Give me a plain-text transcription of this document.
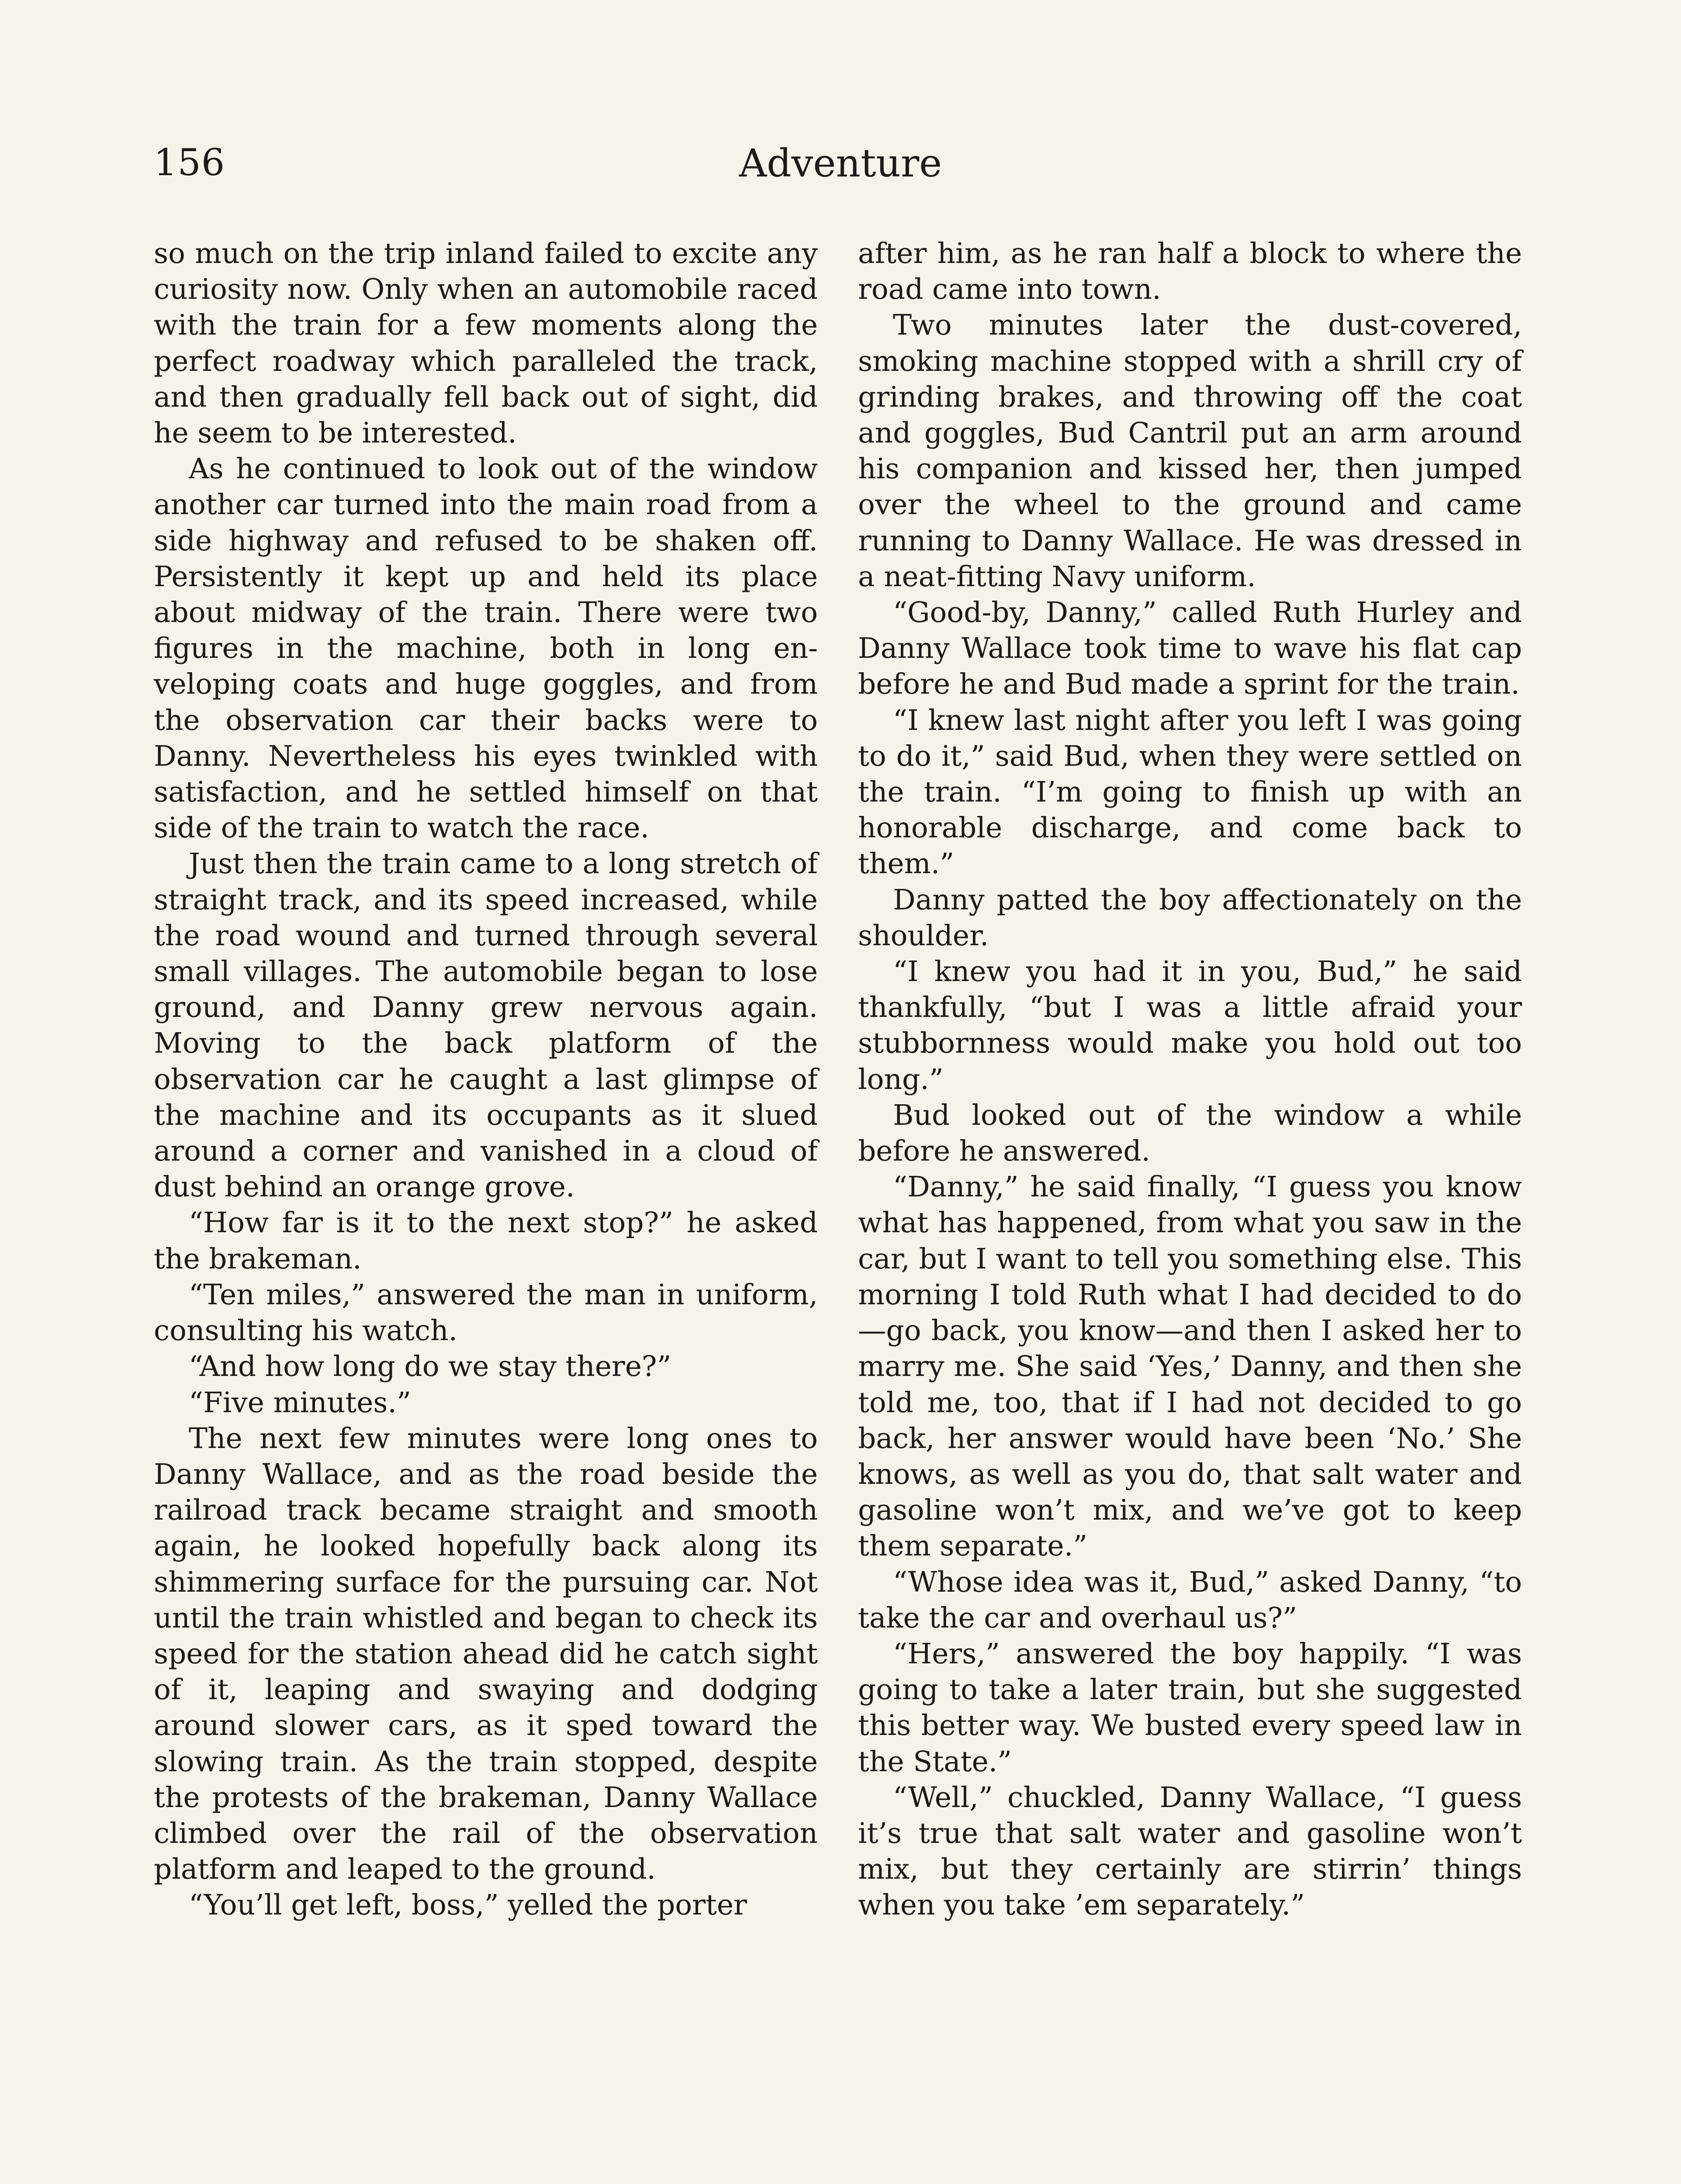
156	Adventure

so much on the trip inland failed to excite any curiosity now. Only when an automobile raced with the train for a few moments along the perfect roadway which paralleled the track, and then gradually fell back out of sight, did he seem to be interested.

As he continued to look out of the window another car turned into the main road from a side highway and refused to be shaken off. Persistently it kept up and held its place about midway of the train. There were two figures in the machine, both in long enveloping coats and huge goggles, and from the observation car their backs were to Danny. Nevertheless his eyes twinkled with satisfaction, and he settled himself on that side of the train to watch the race.

Just then the train came to a long stretch of straight track, and its speed increased, while the road wound and turned through several small villages. The automobile began to lose ground, and Danny grew nervous again. Moving to the back platform of the observation car he caught a last glimpse of the machine and its occupants as it slued around a corner and vanished in a cloud of dust behind an orange grove.

“How far is it to the next stop?” he asked the brakeman.

“Ten miles,” answered the man in uniform, consulting his watch.

“And how long do we stay there?”

“Five minutes.”

The next few minutes were long ones to Danny Wallace, and as the road beside the railroad track became straight and smooth again, he looked hopefully back along its shimmering surface for the pursuing car. Not until the train whistled and began to check its speed for the station ahead did he catch sight of it, leaping and swaying and dodging around slower cars, as it sped toward the slowing train. As the train stopped, despite the protests of the brakeman, Danny Wallace climbed over the rail of the observation platform and leaped to the ground.

“You’ll get left, boss,” yelled the porter

after him, as he ran half a block to where the road came into town.

Two minutes later the dust-covered, smoking machine stopped with a shrill cry of grinding brakes, and throwing off the coat and goggles, Bud Cantril put an arm around his companion and kissed her, then jumped over the wheel to the ground and came running to Danny Wallace. He was dressed in a neat-fitting Navy uniform.

“Good-by, Danny,” called Ruth Hurley and Danny Wallace took time to wave his flat cap before he and Bud made a sprint for the train.

“I knew last night after you left I was going to do it,” said Bud, when they were settled on the train. “I’m going to finish up with an honorable discharge, and come back to them.”

Danny patted the boy affectionately on the shoulder.

“I knew you had it in you, Bud,” he said thankfully, “but I was a little afraid your stubbornness would make you hold out too long.”

Bud looked out of the window a while before he answered.

“Danny,” he said finally, “I guess you know what has happened, from what you saw in the car, but I want to tell you something else. This morning I told Ruth what I had decided to do—go back, you know—and then I asked her to marry me. She said ‘Yes,’ Danny, and then she told me, too, that if I had not decided to go back, her answer would have been ‘No.’ She knows, as well as you do, that salt water and gasoline won’t mix, and we’ve got to keep them separate.”

“Whose idea was it, Bud,” asked Danny, “to take the car and overhaul us?”

“Hers,” answered the boy happily. “I was going to take a later train, but she suggested this better way. We busted every speed law in the State.”

“Well,” chuckled, Danny Wallace, “I guess it’s true that salt water and gasoline won’t mix, but they certainly are stirrin’ things when you take ’em separately.”
